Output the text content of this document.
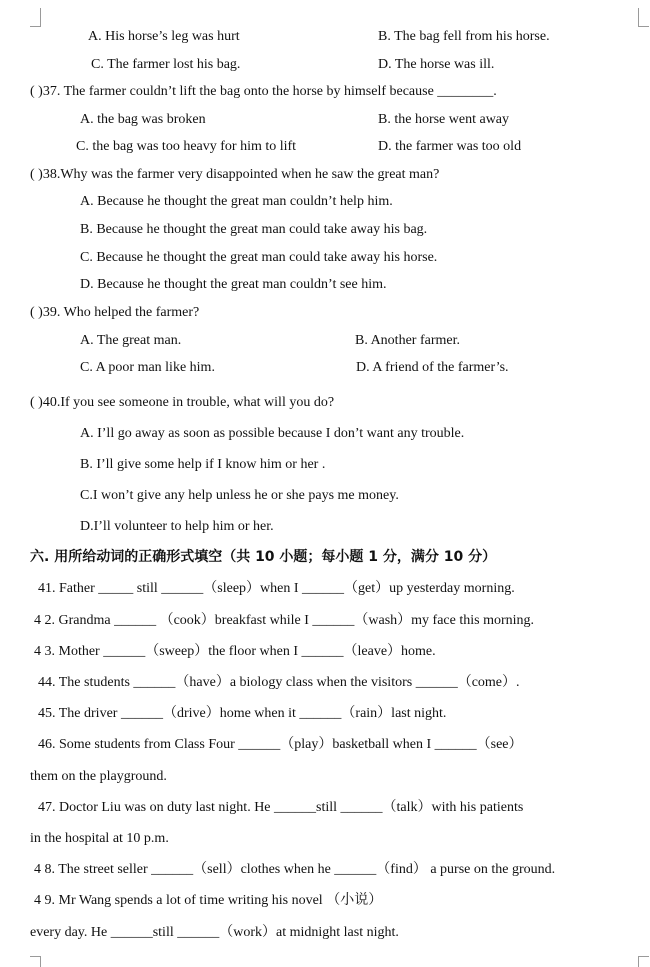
A. His horse’s leg was hurt	B. The bag fell from his horse.
C. The farmer lost his bag.	D. The horse was ill.
( )37. The farmer couldn’t lift the bag onto the horse by himself because ________.
A. the bag was broken	B. the horse went away
C. the bag was too heavy for him to lift	D. the farmer was too old
( )38.Why was the farmer very disappointed when he saw the great man?
A. Because he thought the great man couldn’t help him.
B. Because he thought the great man could take away his bag.
C. Because he thought the great man could take away his horse.
D. Because he thought the great man couldn’t see him.
( )39. Who helped the farmer?
A. The great man.	B. Another farmer.
C. A poor man like him.	D. A friend of the farmer’s.
( )40.If you see someone in trouble, what will you do?
A. I’ll go away as soon as possible because I don’t want any trouble.
B. I’ll give some help if I know him or her .
C.I won’t give any help unless he or she pays me money.
D.I’ll volunteer to help him or her.
六. 用所给动词的正确形式填空（共 10 小题；每小题 1 分，满分 10 分）
41. Father _____ still ______（sleep）when I ______（get）up yesterday morning.
4 2. Grandma ______ （cook）breakfast while I ______（wash）my face this morning.
4 3. Mother ______（sweep）the floor when I ______（leave）home.
44. The students ______（have）a biology class when the visitors ______（come）.
45. The driver ______（drive）home when it ______（rain）last night.
46. Some students from Class Four ______（play）basketball when I ______（see）
them on the playground.
47. Doctor Liu was on duty last night. He ______still ______（talk）with his patients
in the hospital at 10 p.m.
4 8. The street seller ______（sell）clothes when he ______（find） a purse on the ground.
4 9. Mr Wang spends a lot of time writing his novel （小说）
every day. He ______still ______（work）at midnight last night.
